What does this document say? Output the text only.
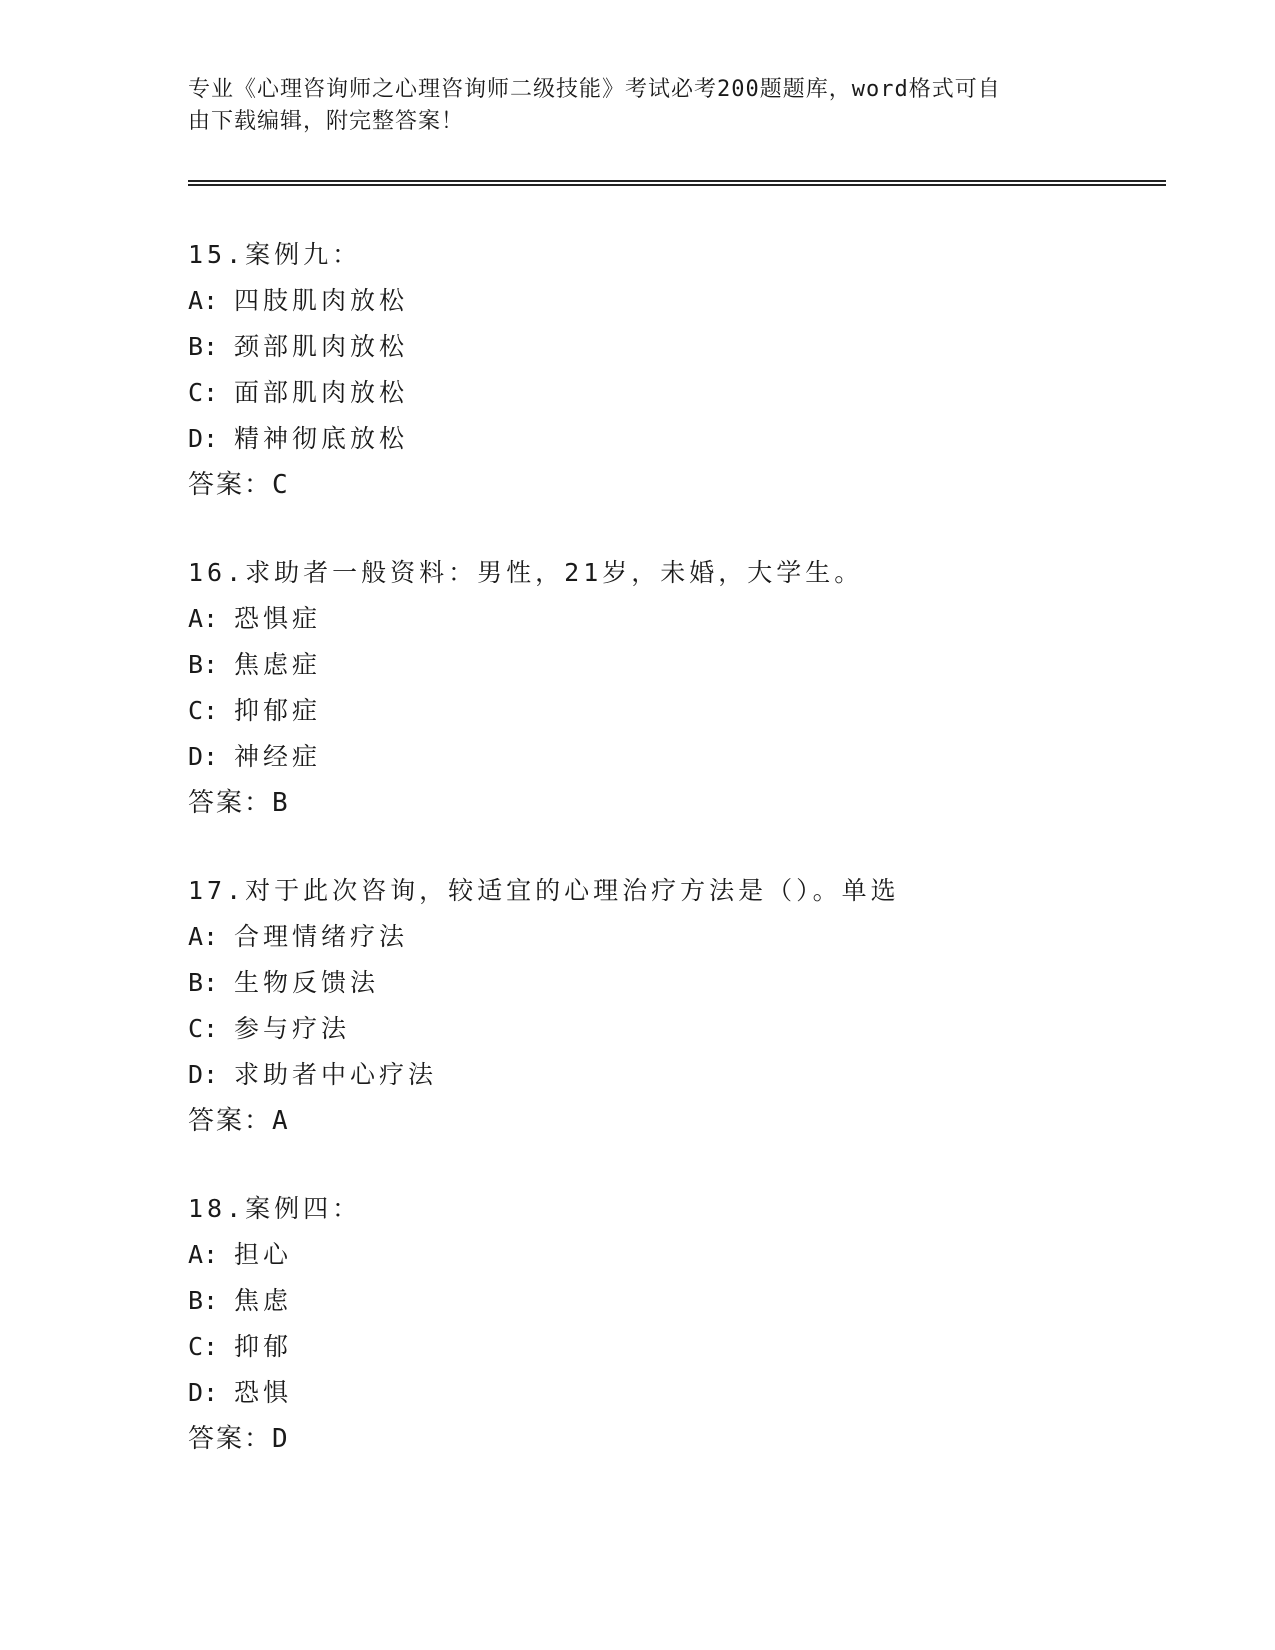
专业《心理咨询师之心理咨询师二级技能》考试必考200题题库，word格式可自
由下载编辑，附完整答案！
15.案例九：
A: 四肢肌肉放松
B: 颈部肌肉放松
C: 面部肌肉放松
D: 精神彻底放松
答案：C
16.求助者一般资料：男性，21岁，未婚，大学生。
A: 恐惧症
B: 焦虑症
C: 抑郁症
D: 神经症
答案：B
17.对于此次咨询，较适宜的心理治疗方法是（）。单选
A: 合理情绪疗法
B: 生物反馈法
C: 参与疗法
D: 求助者中心疗法
答案：A
18.案例四：
A: 担心
B: 焦虑
C: 抑郁
D: 恐惧
答案：D
